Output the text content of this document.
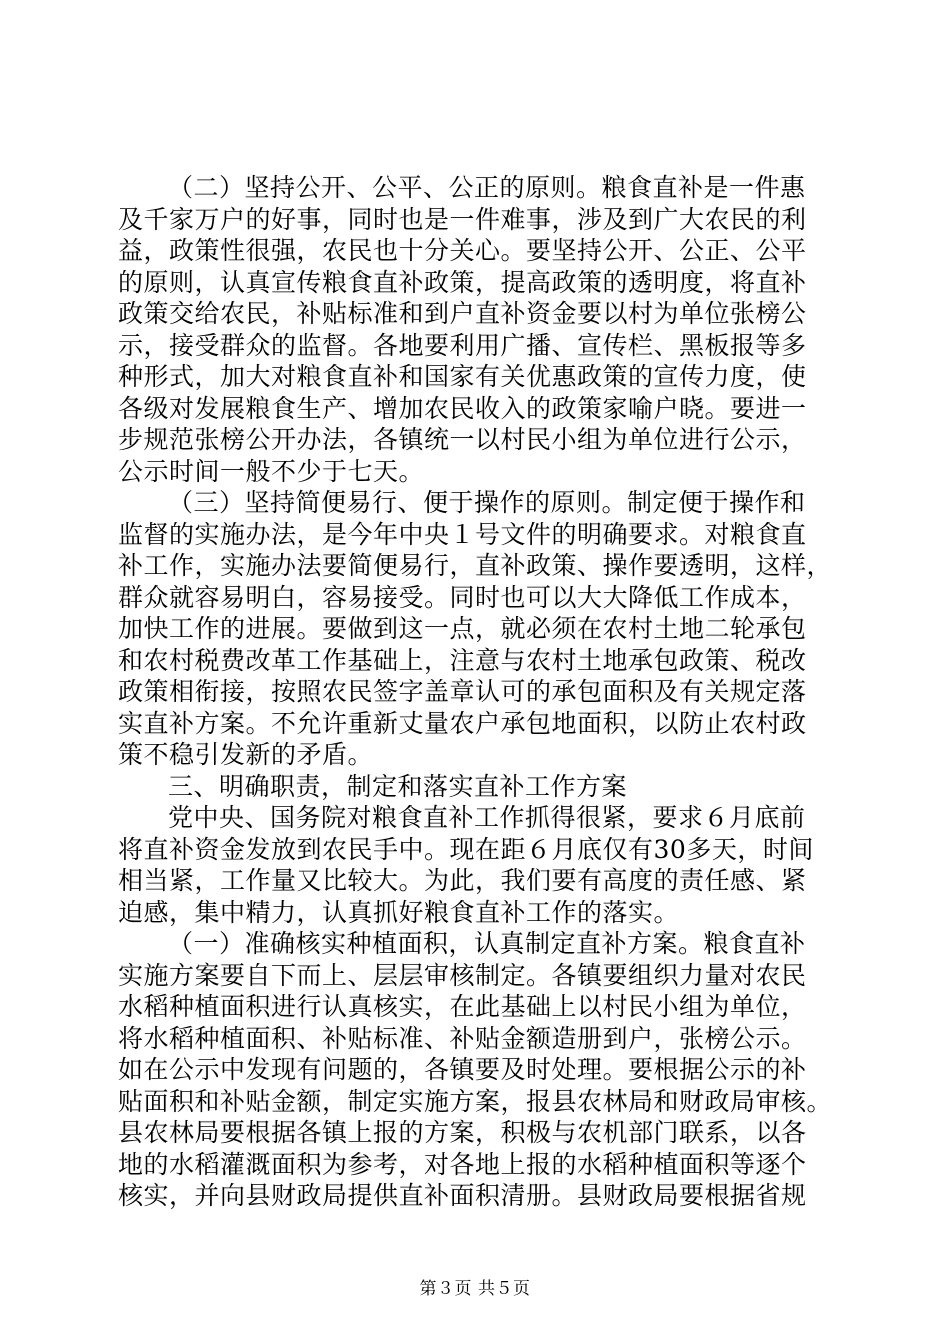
（二）坚持公开、公平、公正的原则。粮食直补是一件惠
及千家万户的好事，同时也是一件难事，涉及到广大农民的利
益，政策性很强，农民也十分关心。要坚持公开、公正、公平
的原则，认真宣传粮食直补政策，提高政策的透明度，将直补
政策交给农民，补贴标准和到户直补资金要以村为单位张榜公
示，接受群众的监督。各地要利用广播、宣传栏、黑板报等多
种形式，加大对粮食直补和国家有关优惠政策的宣传力度，使
各级对发展粮食生产、增加农民收入的政策家喻户晓。要进一
步规范张榜公开办法，各镇统一以村民小组为单位进行公示，
公示时间一般不少于七天。

（三）坚持简便易行、便于操作的原则。制定便于操作和
监督的实施办法，是今年中央１号文件的明确要求。对粮食直
补工作，实施办法要简便易行，直补政策、操作要透明，这样，
群众就容易明白，容易接受。同时也可以大大降低工作成本，
加快工作的进展。要做到这一点，就必须在农村土地二轮承包
和农村税费改革工作基础上，注意与农村土地承包政策、税改
政策相衔接，按照农民签字盖章认可的承包面积及有关规定落
实直补方案。不允许重新丈量农户承包地面积，以防止农村政
策不稳引发新的矛盾。

三、明确职责，制定和落实直补工作方案

党中央、国务院对粮食直补工作抓得很紧，要求６月底前
将直补资金发放到农民手中。现在距６月底仅有30多天，时间
相当紧，工作量又比较大。为此，我们要有高度的责任感、紧
迫感，集中精力，认真抓好粮食直补工作的落实。

（一）准确核实种植面积，认真制定直补方案。粮食直补
实施方案要自下而上、层层审核制定。各镇要组织力量对农民
水稻种植面积进行认真核实，在此基础上以村民小组为单位，
将水稻种植面积、补贴标准、补贴金额造册到户，张榜公示。
如在公示中发现有问题的，各镇要及时处理。要根据公示的补
贴面积和补贴金额，制定实施方案，报县农林局和财政局审核。
县农林局要根据各镇上报的方案，积极与农机部门联系，以各
地的水稻灌溉面积为参考，对各地上报的水稻种植面积等逐个
核实，并向县财政局提供直补面积清册。县财政局要根据省规

第３页 共５页
